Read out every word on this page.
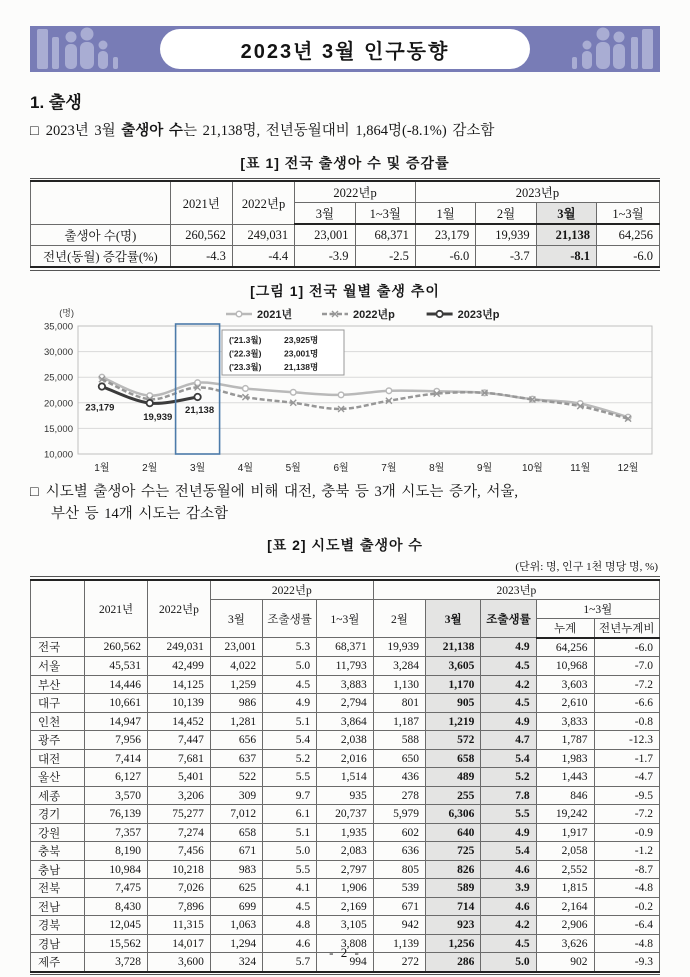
2023년 3월 인구동향
1. 출생

□ 2023년 3월 출생아 수는 21,138명, 전년동월대비 1,864명(-8.1%) 감소함

[표 1] 전국 출생아 수 및 증감률
	2021년	2022년p	2022년p		2023년p			
			3월	1~3월	1월	2월	3월	1~3월
출생아 수(명)	260,562	249,031	23,001	68,371	23,179	19,939	21,138	64,256
전년(동월) 증감률(%)	-4.3	-4.4	-3.9	-2.5	-6.0	-3.7	-8.1	-6.0
[그림 1] 전국 월별 출생 추이
10,000
15,000
20,000
25,000
30,000
35,000
(명)
1월	2월	3월	4월	5월	6월	7월	8월	9월	10월	11월	12월
23,179
19,939
21,138
('21.3월)	23,925명
('22.3월)	23,001명
('23.3월)	21,138명
2021년	2022년p	2023년p

□ 시도별 출생아 수는 전년동월에 비해 대전, 충북 등 3개 시도는 증가, 서울,
부산 등 14개 시도는 감소함

[표 2] 시도별 출생아 수
(단위: 명, 인구 1천 명당 명, %)
	2021년	2022년p	2022년p			2023년p				
			3월	조출생률	1~3월	2월	3월	조출생률	1~3월	
									누계	전년누계비
전국	260,562	249,031	23,001	5.3	68,371	19,939	21,138	4.9	64,256	-6.0
서울	45,531	42,499	4,022	5.0	11,793	3,284	3,605	4.5	10,968	-7.0
부산	14,446	14,125	1,259	4.5	3,883	1,130	1,170	4.2	3,603	-7.2
대구	10,661	10,139	986	4.9	2,794	801	905	4.5	2,610	-6.6
인천	14,947	14,452	1,281	5.1	3,864	1,187	1,219	4.9	3,833	-0.8
광주	7,956	7,447	656	5.4	2,038	588	572	4.7	1,787	-12.3
대전	7,414	7,681	637	5.2	2,016	650	658	5.4	1,983	-1.7
울산	6,127	5,401	522	5.5	1,514	436	489	5.2	1,443	-4.7
세종	3,570	3,206	309	9.7	935	278	255	7.8	846	-9.5
경기	76,139	75,277	7,012	6.1	20,737	5,979	6,306	5.5	19,242	-7.2
강원	7,357	7,274	658	5.1	1,935	602	640	4.9	1,917	-0.9
충북	8,190	7,456	671	5.0	2,083	636	725	5.4	2,058	-1.2
충남	10,984	10,218	983	5.5	2,797	805	826	4.6	2,552	-8.7
전북	7,475	7,026	625	4.1	1,906	539	589	3.9	1,815	-4.8
전남	8,430	7,896	699	4.5	2,169	671	714	4.6	2,164	-0.2
경북	12,045	11,315	1,063	4.8	3,105	942	923	4.2	2,906	-6.4
경남	15,562	14,017	1,294	4.6	3,808	1,139	1,256	4.5	3,626	-4.8
제주	3,728	3,600	324	5.7	994	272	286	5.0	902	-9.3
- 2 -
